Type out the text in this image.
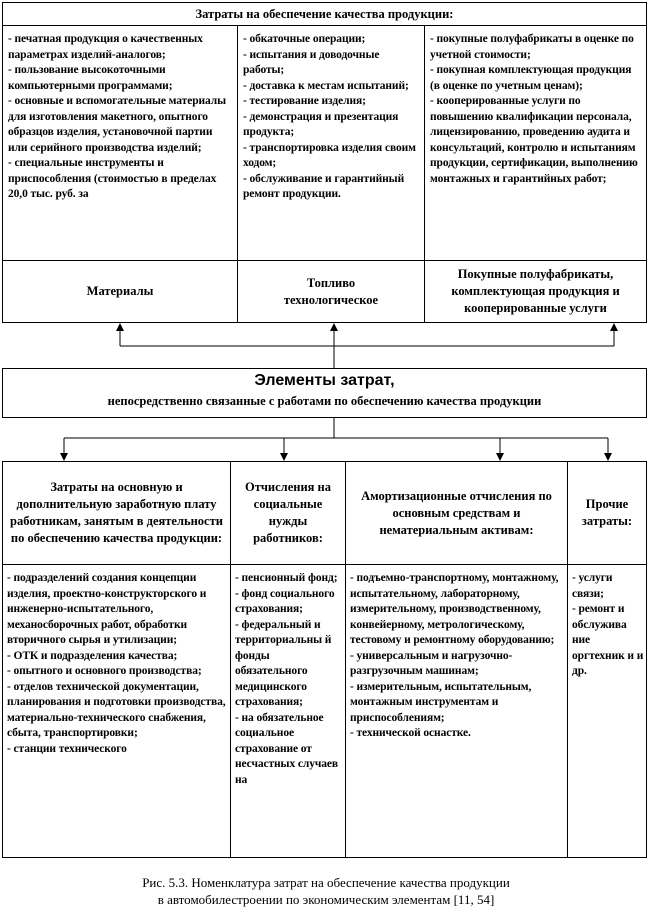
Затраты на обеспечение качества продукции:
- печатная продукция о качественных параметрах изделий-аналогов;
- пользование высокоточными компьютерными программами;
- основные и вспомогательные материалы для изготовления макетного, опытного образцов изделия, установочной партии или серийного производства изделий;
- специальные инструменты и приспособления (стоимостью в пределах 20,0 тыс. руб. за
- обкаточные операции;
- испытания и доводочные работы;
- доставка к местам испытаний;
- тестирование изделия;
- демонстрация и презентация продукта;
- транспортировка изделия своим ходом;
- обслуживание и гарантийный ремонт продукции.
- покупные полуфабрикаты в оценке по учетной стоимости;
- покупная комплектующая продукция (в оценке по учетным ценам);
- кооперированные услуги по повышению квалификации персонала, лицензированию, проведению аудита и консультаций, контролю и испытаниям продукции, сертификации, выполнению монтажных и гарантийных работ;
Материалы
Топливо технологическое
Покупные полуфабрикаты, комплектующая продукция и кооперированные услуги
Элементы затрат,
непосредственно связанные с работами по обеспечению качества продукции
Затраты на основную и дополнительную заработную плату работникам, занятым в деятельности по обеспечению качества продукции:
Отчисления на социальные нужды работников:
Амортизационные отчисления по основным средствам и нематериальным активам:
Прочие затраты:
- подразделений создания концепции изделия, проектно-конструкторского и инженерно-испытательного, механосборочных работ, обработки вторичного сырья и утилизации;
- ОТК и подразделения качества;
- опытного и основного производства;
- отделов технической документации, планирования и подготовки производства, материально-технического снабжения, сбыта, транспортировки;
- станции технического
- пенсионный фонд;
- фонд социального страхования;
- федеральный и территориальны й фонды обязательного медицинского страхования;
- на обязательное социальное страхование от несчастных случаев на
- подъемно-транспортному, монтажному, испытательному, лабораторному, измерительному, производственному, конвейерному, метрологическому, тестовому и ремонтному оборудованию;
- универсальным и нагрузочно-разгрузочным машинам;
- измерительным, испытательным, монтажным инструментам и приспособлениям;
- технической оснастке.
- услуги связи;
- ремонт и обслужива ние оргтехник и и др.
Рис. 5.3. Номенклатура затрат на обеспечение качества продукции
в автомобилестроении по экономическим элементам [11, 54]
